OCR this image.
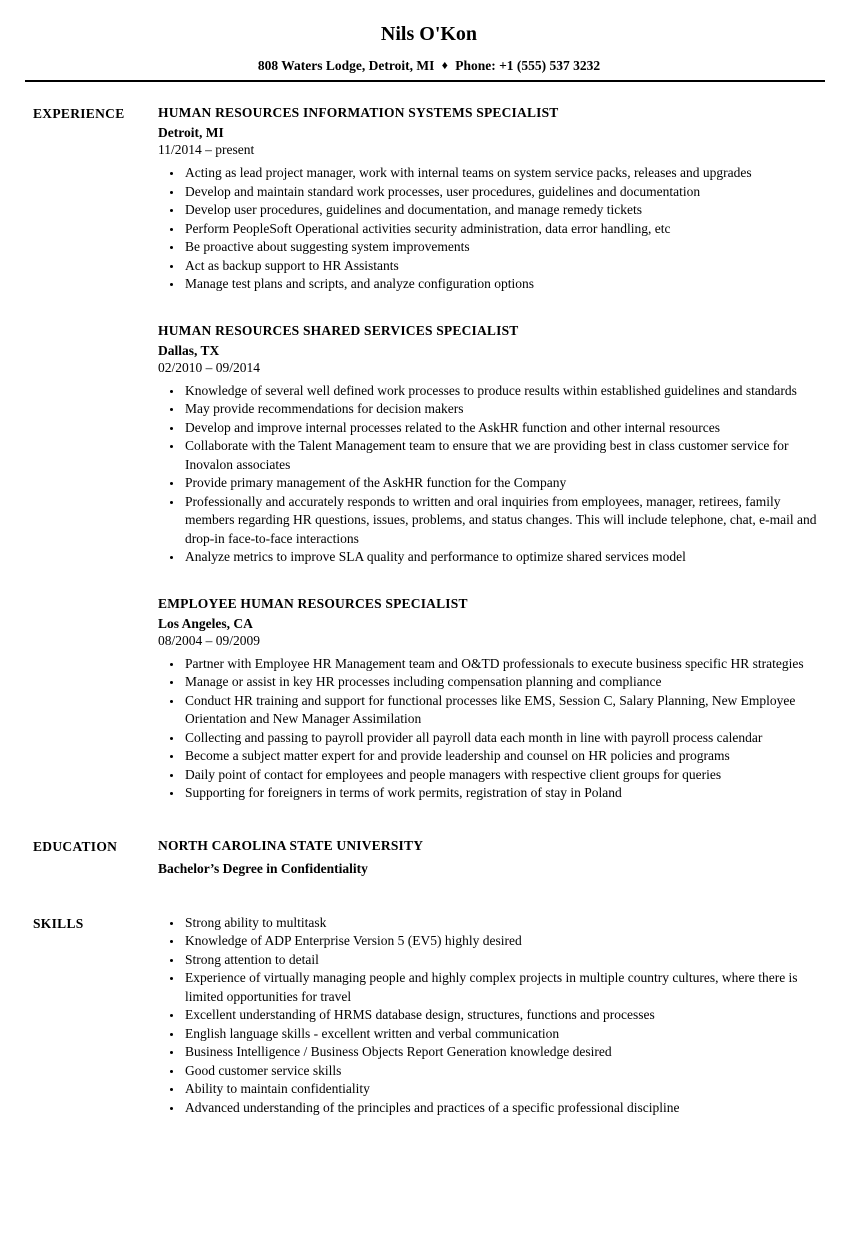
Nils O'Kon
808 Waters Lodge, Detroit, MI ♦ Phone: +1 (555) 537 3232
EXPERIENCE	HUMAN RESOURCES INFORMATION SYSTEMS SPECIALIST
Detroit, MI
11/2014 – present
• Acting as lead project manager, work with internal teams on system service packs, releases and upgrades
• Develop and maintain standard work processes, user procedures, guidelines and documentation
• Develop user procedures, guidelines and documentation, and manage remedy tickets
• Perform PeopleSoft Operational activities security administration, data error handling, etc
• Be proactive about suggesting system improvements
• Act as backup support to HR Assistants
• Manage test plans and scripts, and analyze configuration options
HUMAN RESOURCES SHARED SERVICES SPECIALIST
Dallas, TX
02/2010 – 09/2014
• Knowledge of several well defined work processes to produce results within established guidelines and standards
• May provide recommendations for decision makers
• Develop and improve internal processes related to the AskHR function and other internal resources
• Collaborate with the Talent Management team to ensure that we are providing best in class customer service for Inovalon associates
• Provide primary management of the AskHR function for the Company
• Professionally and accurately responds to written and oral inquiries from employees, manager, retirees, family members regarding HR questions, issues, problems, and status changes. This will include telephone, chat, e-mail and drop-in face-to-face interactions
• Analyze metrics to improve SLA quality and performance to optimize shared services model
EMPLOYEE HUMAN RESOURCES SPECIALIST
Los Angeles, CA
08/2004 – 09/2009
• Partner with Employee HR Management team and O&TD professionals to execute business specific HR strategies
• Manage or assist in key HR processes including compensation planning and compliance
• Conduct HR training and support for functional processes like EMS, Session C, Salary Planning, New Employee Orientation and New Manager Assimilation
• Collecting and passing to payroll provider all payroll data each month in line with payroll process calendar
• Become a subject matter expert for and provide leadership and counsel on HR policies and programs
• Daily point of contact for employees and people managers with respective client groups for queries
• Supporting for foreigners in terms of work permits, registration of stay in Poland
EDUCATION	NORTH CAROLINA STATE UNIVERSITY
Bachelor’s Degree in Confidentiality
SKILLS	• Strong ability to multitask
• Knowledge of ADP Enterprise Version 5 (EV5) highly desired
• Strong attention to detail
• Experience of virtually managing people and highly complex projects in multiple country cultures, where there is limited opportunities for travel
• Excellent understanding of HRMS database design, structures, functions and processes
• English language skills - excellent written and verbal communication
• Business Intelligence / Business Objects Report Generation knowledge desired
• Good customer service skills
• Ability to maintain confidentiality
• Advanced understanding of the principles and practices of a specific professional discipline
